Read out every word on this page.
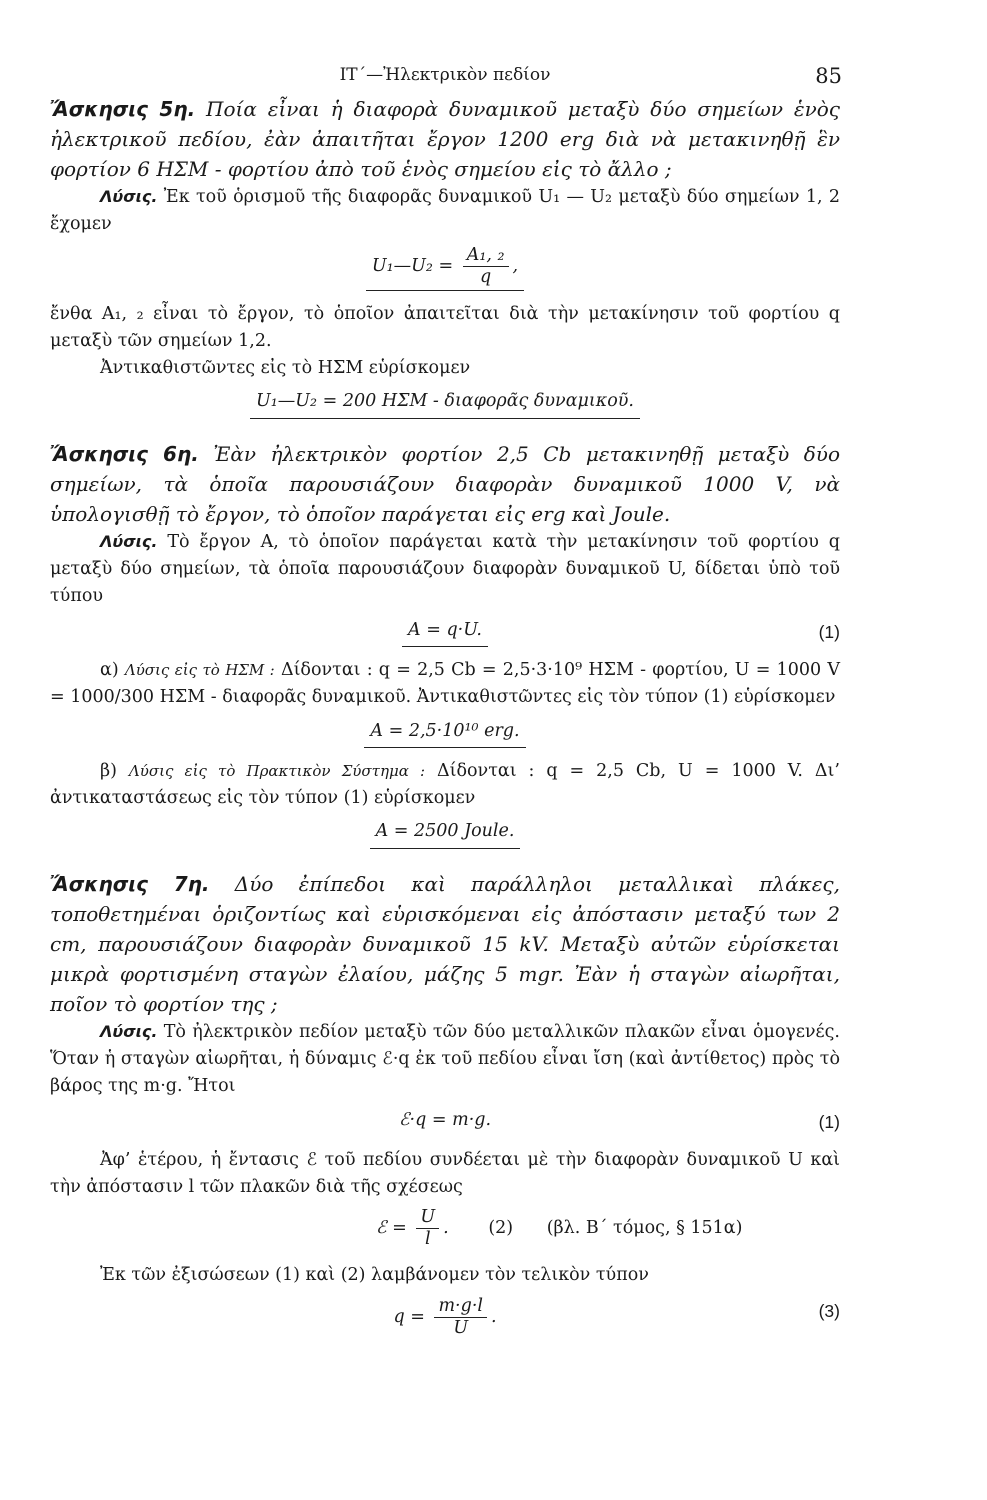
ΙΤ΄—Ἠλεκτρικὸν πεδίον	85

Ἄσκησις 5η. Ποία εἶναι ἡ διαφορὰ δυναμικοῦ μεταξὺ δύο σημείων ἑνὸς ἠλεκτρικοῦ πεδίου, ἐὰν ἀπαιτῆται ἔργον 1200 erg διὰ νὰ μετακινηθῇ ἓν φορτίον 6 ΗΣΜ - φορτίου ἀπὸ τοῦ ἑνὸς σημείου εἰς τὸ ἄλλο ;

Λύσις. Ἐκ τοῦ ὁρισμοῦ τῆς διαφορᾶς δυναμικοῦ U₁ — U₂ μεταξὺ δύο σημείων 1, 2 ἔχομεν

U₁—U₂ = $\frac{\text{A₁, ₂}}{q}$ ,

ἔνθα A₁, ₂ εἶναι τὸ ἔργον, τὸ ὁποῖον ἀπαιτεῖται διὰ τὴν μετακίνησιν τοῦ φορτίου q μεταξὺ τῶν σημείων 1,2.

Ἀντικαθιστῶντες εἰς τὸ ΗΣΜ εὑρίσκομεν

U₁—U₂ = 200 ΗΣΜ - διαφορᾶς δυναμικοῦ.

Ἄσκησις 6η. Ἐὰν ἠλεκτρικὸν φορτίον 2,5 Cb μετακινηθῇ μεταξὺ δύο σημείων, τὰ ὁποῖα παρουσιάζουν διαφορὰν δυναμικοῦ 1000 V, νὰ ὑπολογισθῇ τὸ ἔργον, τὸ ὁποῖον παράγεται εἰς erg καὶ Joule.

Λύσις. Τὸ ἔργον A, τὸ ὁποῖον παράγεται κατὰ τὴν μετακίνησιν τοῦ φορτίου q μεταξὺ δύο σημείων, τὰ ὁποῖα παρουσιάζουν διαφορὰν δυναμικοῦ U, δίδεται ὑπὸ τοῦ τύπου

A = q·U.	(1)

α) Λύσις εἰς τὸ ΗΣΜ : Δίδονται : q = 2,5 Cb = 2,5·3·10⁹ ΗΣΜ - φορτίου, U = 1000 V = 1000/300 ΗΣΜ - διαφορᾶς δυναμικοῦ. Ἀντικαθιστῶντες εἰς τὸν τύπον (1) εὑρίσκομεν

A = 2,5·10¹⁰ erg.

β) Λύσις εἰς τὸ Πρακτικὸν Σύστημα : Δίδονται : q = 2,5 Cb, U = 1000 V. Δι’ ἀντικαταστάσεως εἰς τὸν τύπον (1) εὑρίσκομεν

A = 2500 Joule.

Ἄσκησις 7η. Δύο ἐπίπεδοι καὶ παράλληλοι μεταλλικαὶ πλάκες, τοποθετημέναι ὁριζοντίως καὶ εὑρισκόμεναι εἰς ἀπόστασιν μεταξύ των 2 cm, παρουσιάζουν διαφορὰν δυναμικοῦ 15 kV. Μεταξὺ αὐτῶν εὑρίσκεται μικρὰ φορτισμένη σταγὼν ἐλαίου, μάζης 5 mgr. Ἐὰν ἡ σταγὼν αἰωρῆται, ποῖον τὸ φορτίον της ;

Λύσις. Τὸ ἠλεκτρικὸν πεδίον μεταξὺ τῶν δύο μεταλλικῶν πλακῶν εἶναι ὁμογενές. Ὅταν ἡ σταγὼν αἰωρῆται, ἡ δύναμις ℰ·q ἐκ τοῦ πεδίου εἶναι ἴση (καὶ ἀντίθετος) πρὸς τὸ βάρος της m·g. Ἤτοι

ℰ·q = m·g.	(1)

Ἀφ’ ἑτέρου, ἡ ἔντασις ℰ τοῦ πεδίου συνδέεται μὲ τὴν διαφορὰν δυναμικοῦ U καὶ τὴν ἀπόστασιν l τῶν πλακῶν διὰ τῆς σχέσεως

ℰ = $\frac{U}{l}$ . (2) (βλ. Β΄ τόμος, § 151α)

Ἐκ τῶν ἐξισώσεων (1) καὶ (2) λαμβάνομεν τὸν τελικὸν τύπον

$q = \frac{m\cdot g\cdot l}{U}$ .	(3)
